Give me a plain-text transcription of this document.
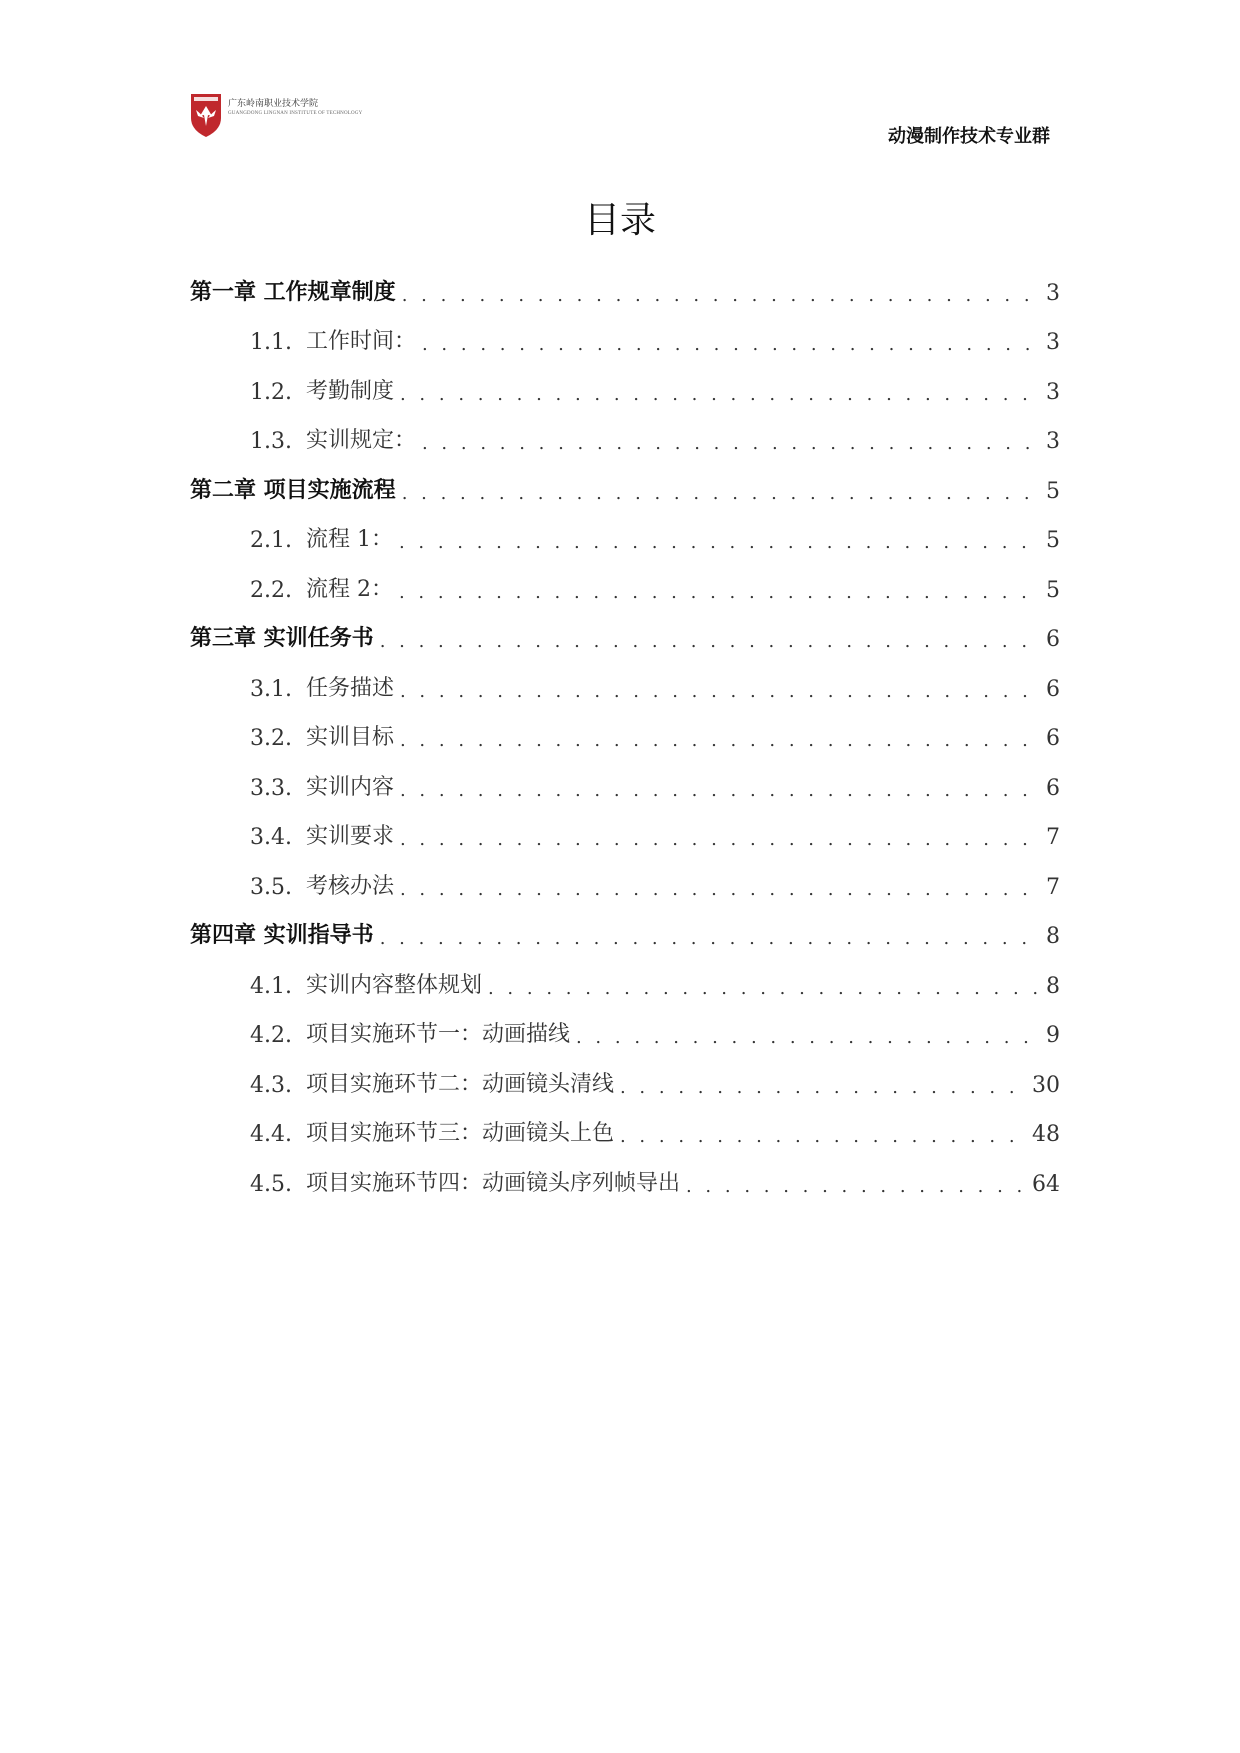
广东岭南职业技术学院
GUANGDONG LINGNAN INSTITUTE OF TECHNOLOGY
动漫制作技术专业群
目录
第一章 工作规章制度 . . .	3
1.1. 工作时间： . . .	3
1.2. 考勤制度 . . .	3
1.3. 实训规定： . . .	3
第二章 项目实施流程 . . .	5
2.1. 流程 1： . . .	5
2.2. 流程 2： . . .	5
第三章 实训任务书 . . .	6
3.1. 任务描述 . . .	6
3.2. 实训目标 . . .	6
3.3. 实训内容 . . .	6
3.4. 实训要求 . . .	7
3.5. 考核办法 . . .	7
第四章 实训指导书 . . .	8
4.1. 实训内容整体规划 . . .	8
4.2. 项目实施环节一：动画描线 . . .	9
4.3. 项目实施环节二：动画镜头清线 . . .	30
4.4. 项目实施环节三：动画镜头上色 . . .	48
4.5. 项目实施环节四：动画镜头序列帧导出 . . .	64
